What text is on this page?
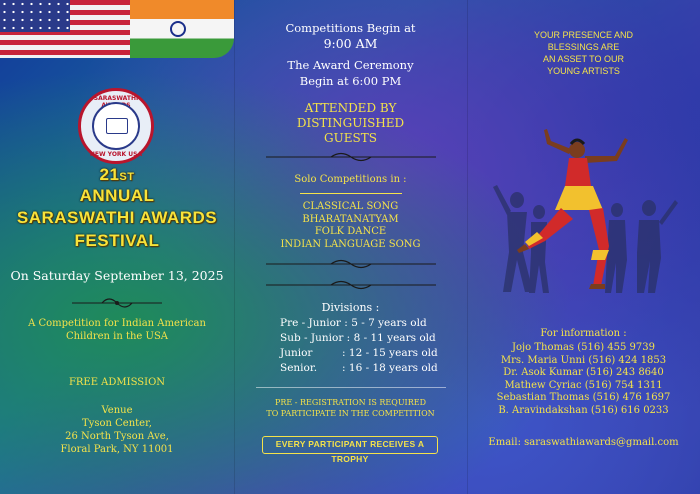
SARASWATHI
NEW YORK USA
21ST
ANNUAL
SARASWATHI AWARDS
FESTIVAL
On Saturday September 13, 2025
A Competition for Indian American
Children in the USA
FREE ADMISSION
Venue
Tyson Center,
26 North Tyson Ave,
Floral Park, NY 11001
Competitions Begin at
9:00 AM
The Award Ceremony
Begin at 6:00 PM
ATTENDED BY
DISTINGUISHED
GUESTS
Solo Competitions in :
CLASSICAL SONG
BHARATANATYAM
FOLK DANCE
INDIAN LANGUAGE SONG
Divisions :
Pre - Junior : 5 - 7 years old
Sub - Junior : 8 - 11 years old
Junior	: 12 - 15 years old
Senior. : 16 - 18 years old
PRE - REGISTRATION IS REQUIRED
TO PARTICIPATE IN THE COMPETITION
EVERY PARTICIPANT RECEIVES A TROPHY
YOUR PRESENCE AND
BLESSINGS ARE
AN ASSET TO OUR
YOUNG ARTISTS
For information :
Jojo Thomas (516) 455 9739
Mrs. Maria Unni (516) 424 1853
Dr. Asok Kumar (516) 243 8640
Mathew Cyriac (516) 754 1311
Sebastian Thomas (516) 476 1697
B. Aravindakshan (516) 616 0233
Email: saraswathiawards@gmail.com
